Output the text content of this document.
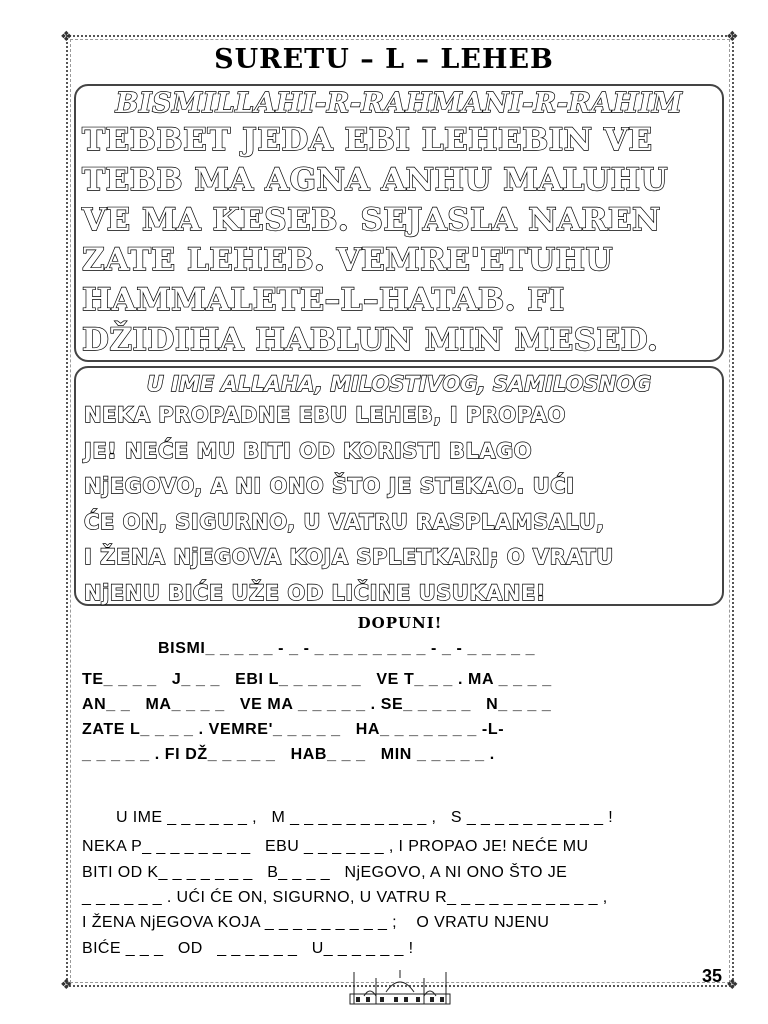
❖	❖
❖	❖
SURETU – L – LEHEB

BISMILLAHI-R-RAHMANI-R-RAHIM

TEBBET JEDA EBI LEHEBIN VE

TEBB MA AGNA ANHU MALUHU

VE MA KESEB. SEJASLA NAREN

ZATE LEHEB. VEMRE'ETUHU

HAMMALETE–L–HATAB. FI

DŽIDIHA HABLUN MIN MESED.

U IME ALLAHA, MILOSTIVOG, SAMILOSNOG

NEKA PROPADNE EBU LEHEB, I PROPAO

JE! NEĆE MU BITI OD KORISTI BLAGO

NjEGOVO, A NI ONO ŠTO JE STEKAO. UĆI

ĆE ON, SIGURNO, U VATRU RASPLAMSALU,

I ŽENA NjEGOVA KOJA SPLETKARI; O VRATU

NjENU BIĆE UŽE OD LIČINE USUKANE!

DOPUNI!
BISMI_ _ _ _ _ - _ - _ _ _ _ _ _ _ _ - _ - _ _ _ _ _
TE_ _ _ _   J_ _ _   EBI L_ _ _ _ _ _   VE T_ _ _ . MA _ _ _ _
AN_ _   MA_ _ _ _   VE MA _ _ _ _ _ . SE_ _ _ _ _   N_ _ _ _
ZATE L_ _ _ _ . VEMRE'_ _ _ _ _   HA_ _ _ _ _ _ _ -L-
_ _ _ _ _ . FI DŽ_ _ _ _ _   HAB_ _ _   MIN _ _ _ _ _ .
U IME _ _ _ _ _ _ ,   M _ _ _ _ _ _ _ _ _ _ ,   S _ _ _ _ _ _ _ _ _ _ !
NEKA P_ _ _ _ _ _ _ _   EBU _ _ _ _ _ _ , I PROPAO JE! NEĆE MU
BITI OD K_ _ _ _ _ _ _   B_ _ _ _   NjEGOVO, A NI ONO ŠTO JE
_ _ _ _ _ _ . UĆI ĆE ON, SIGURNO, U VATRU R_ _ _ _ _ _ _ _ _ _ _ ,
I ŽENA NjEGOVA KOJA _ _ _ _ _ _ _ _ _ ;    O VRATU NJENU
BIĆE _ _ _   OD   _ _ _ _ _ _   U_ _ _ _ _ _ !
35
